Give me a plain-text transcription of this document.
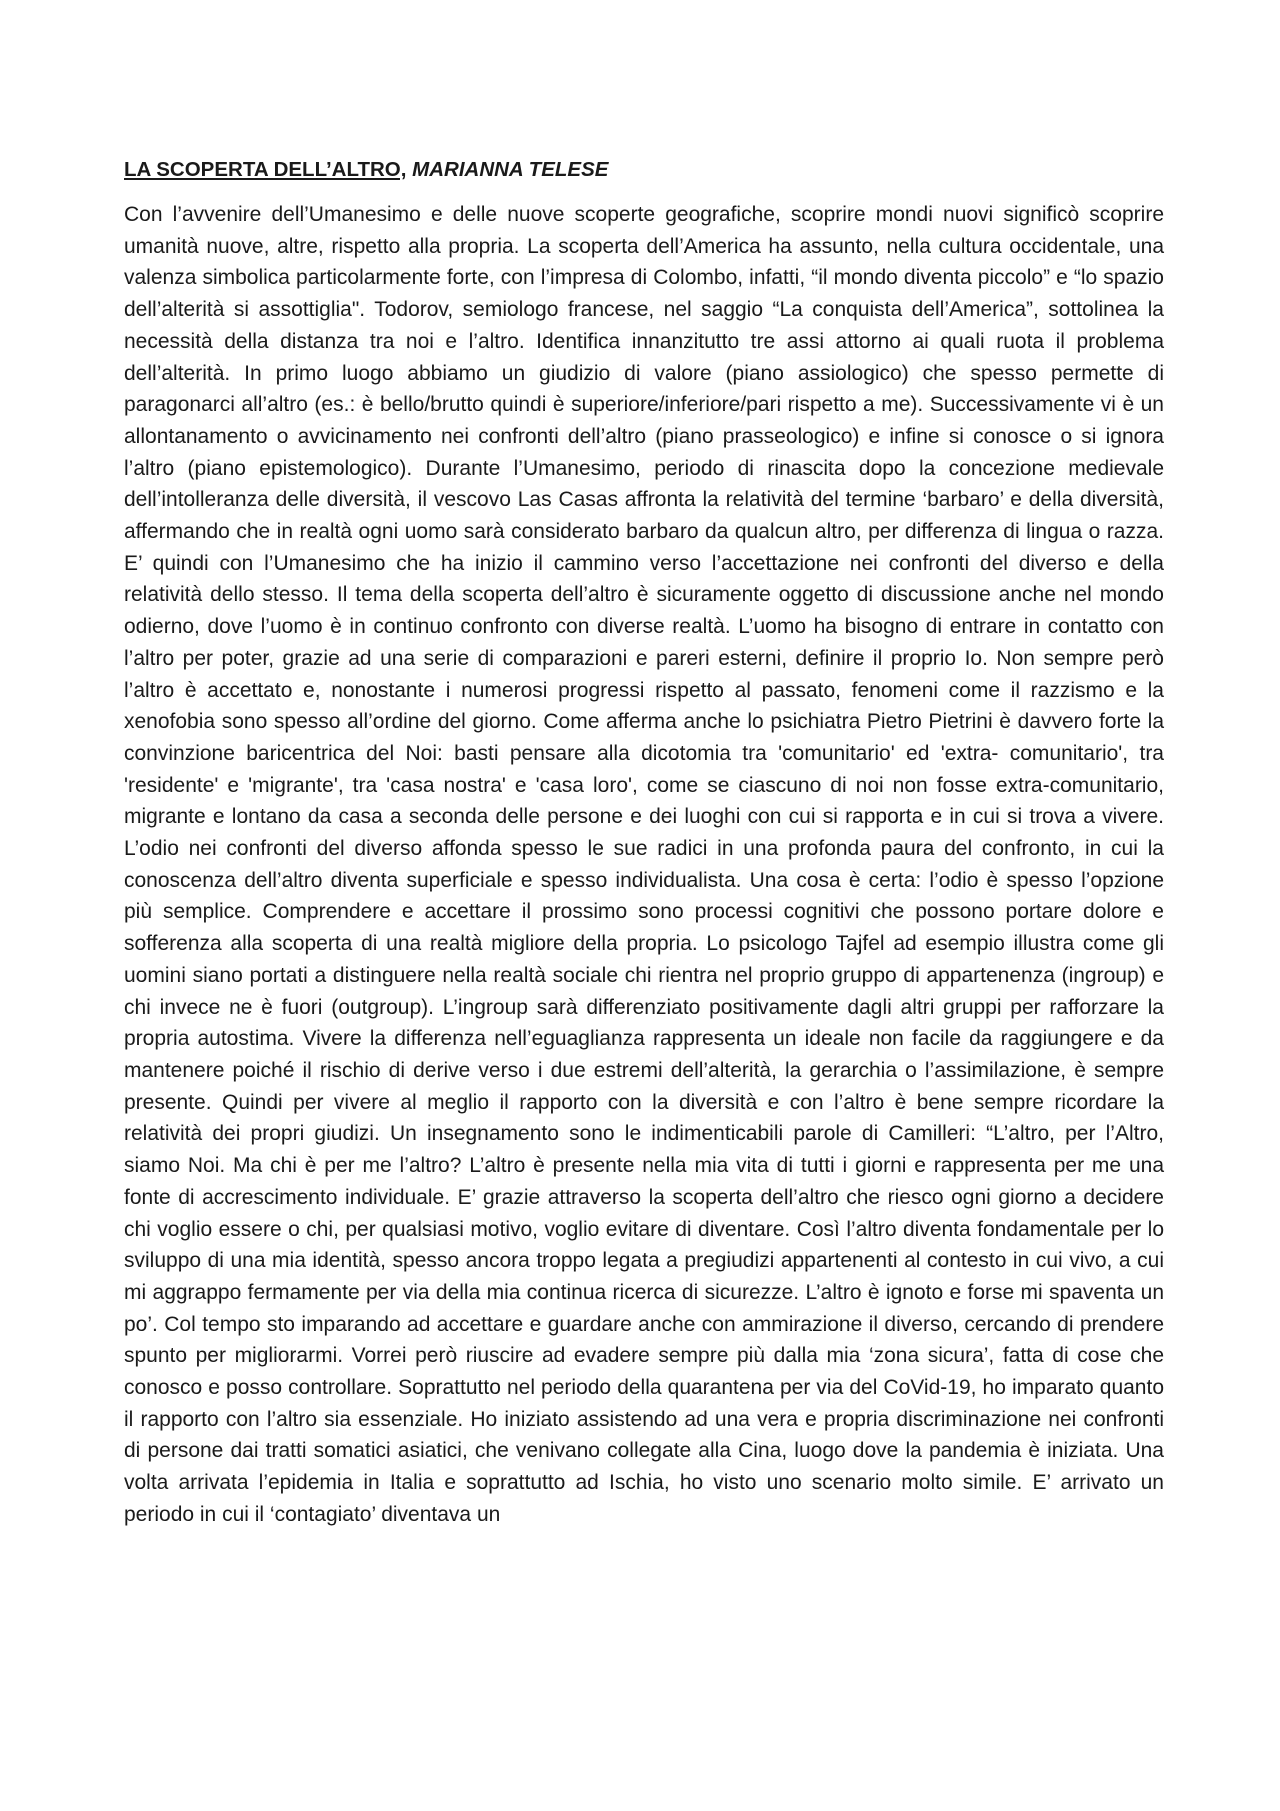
LA SCOPERTA DELL’ALTRO, MARIANNA TELESE

Con l’avvenire dell’Umanesimo e delle nuove scoperte geografiche, scoprire mondi nuovi significò scoprire umanità nuove, altre, rispetto alla propria. La scoperta dell’America ha assunto, nella cultura occidentale, una valenza simbolica particolarmente forte, con l’impresa di Colombo, infatti, “il mondo diventa piccolo” e “lo spazio dell’alterità si assottiglia". Todorov, semiologo francese, nel saggio “La conquista dell’America”, sottolinea la necessità della distanza tra noi e l’altro. Identifica innanzitutto tre assi attorno ai quali ruota il problema dell’alterità. In primo luogo abbiamo un giudizio di valore (piano assiologico) che spesso permette di paragonarci all’altro (es.: è bello/brutto quindi è superiore/inferiore/pari rispetto a me). Successivamente vi è un allontanamento o avvicinamento nei confronti dell’altro (piano prasseologico) e infine si conosce o si ignora l’altro (piano epistemologico). Durante l’Umanesimo, periodo di rinascita dopo la concezione medievale dell’intolleranza delle diversità, il vescovo Las Casas affronta la relatività del termine ‘barbaro’ e della diversità, affermando che in realtà ogni uomo sarà considerato barbaro da qualcun altro, per differenza di lingua o razza. E’ quindi con l’Umanesimo che ha inizio il cammino verso l’accettazione nei confronti del diverso e della relatività dello stesso. Il tema della scoperta dell’altro è sicuramente oggetto di discussione anche nel mondo odierno, dove l’uomo è in continuo confronto con diverse realtà. L’uomo ha bisogno di entrare in contatto con l’altro per poter, grazie ad una serie di comparazioni e pareri esterni, definire il proprio Io. Non sempre però l’altro è accettato e, nonostante i numerosi progressi rispetto al passato, fenomeni come il razzismo e la xenofobia sono spesso all’ordine del giorno. Come afferma anche lo psichiatra Pietro Pietrini è davvero forte la convinzione baricentrica del Noi: basti pensare alla dicotomia tra 'comunitario' ed 'extra- comunitario', tra 'residente' e 'migrante', tra 'casa nostra' e 'casa loro', come se ciascuno di noi non fosse extra-comunitario, migrante e lontano da casa a seconda delle persone e dei luoghi con cui si rapporta e in cui si trova a vivere. L’odio nei confronti del diverso affonda spesso le sue radici in una profonda paura del confronto, in cui la conoscenza dell’altro diventa superficiale e spesso individualista. Una cosa è certa: l’odio è spesso l’opzione più semplice. Comprendere e accettare il prossimo sono processi cognitivi che possono portare dolore e sofferenza alla scoperta di una realtà migliore della propria. Lo psicologo Tajfel ad esempio illustra come gli uomini siano portati a distinguere nella realtà sociale chi rientra nel proprio gruppo di appartenenza (ingroup) e chi invece ne è fuori (outgroup). L’ingroup sarà differenziato positivamente dagli altri gruppi per rafforzare la propria autostima. Vivere la differenza nell’eguaglianza rappresenta un ideale non facile da raggiungere e da mantenere poiché il rischio di derive verso i due estremi dell’alterità, la gerarchia o l’assimilazione, è sempre presente. Quindi per vivere al meglio il rapporto con la diversità e con l’altro è bene sempre ricordare la relatività dei propri giudizi. Un insegnamento sono le indimenticabili parole di Camilleri: “L’altro, per l’Altro, siamo Noi. Ma chi è per me l’altro? L’altro è presente nella mia vita di tutti i giorni e rappresenta per me una fonte di accrescimento individuale. E’ grazie attraverso la scoperta dell’altro che riesco ogni giorno a decidere chi voglio essere o chi, per qualsiasi motivo, voglio evitare di diventare. Così l’altro diventa fondamentale per lo sviluppo di una mia identità, spesso ancora troppo legata a pregiudizi appartenenti al contesto in cui vivo, a cui mi aggrappo fermamente per via della mia continua ricerca di sicurezze. L’altro è ignoto e forse mi spaventa un po’. Col tempo sto imparando ad accettare e guardare anche con ammirazione il diverso, cercando di prendere spunto per migliorarmi. Vorrei però riuscire ad evadere sempre più dalla mia ‘zona sicura’, fatta di cose che conosco e posso controllare. Soprattutto nel periodo della quarantena per via del CoVid-19, ho imparato quanto il rapporto con l’altro sia essenziale. Ho iniziato assistendo ad una vera e propria discriminazione nei confronti di persone dai tratti somatici asiatici, che venivano collegate alla Cina, luogo dove la pandemia è iniziata. Una volta arrivata l’epidemia in Italia e soprattutto ad Ischia, ho visto uno scenario molto simile. E’ arrivato un periodo in cui il ‘contagiato’ diventava un
